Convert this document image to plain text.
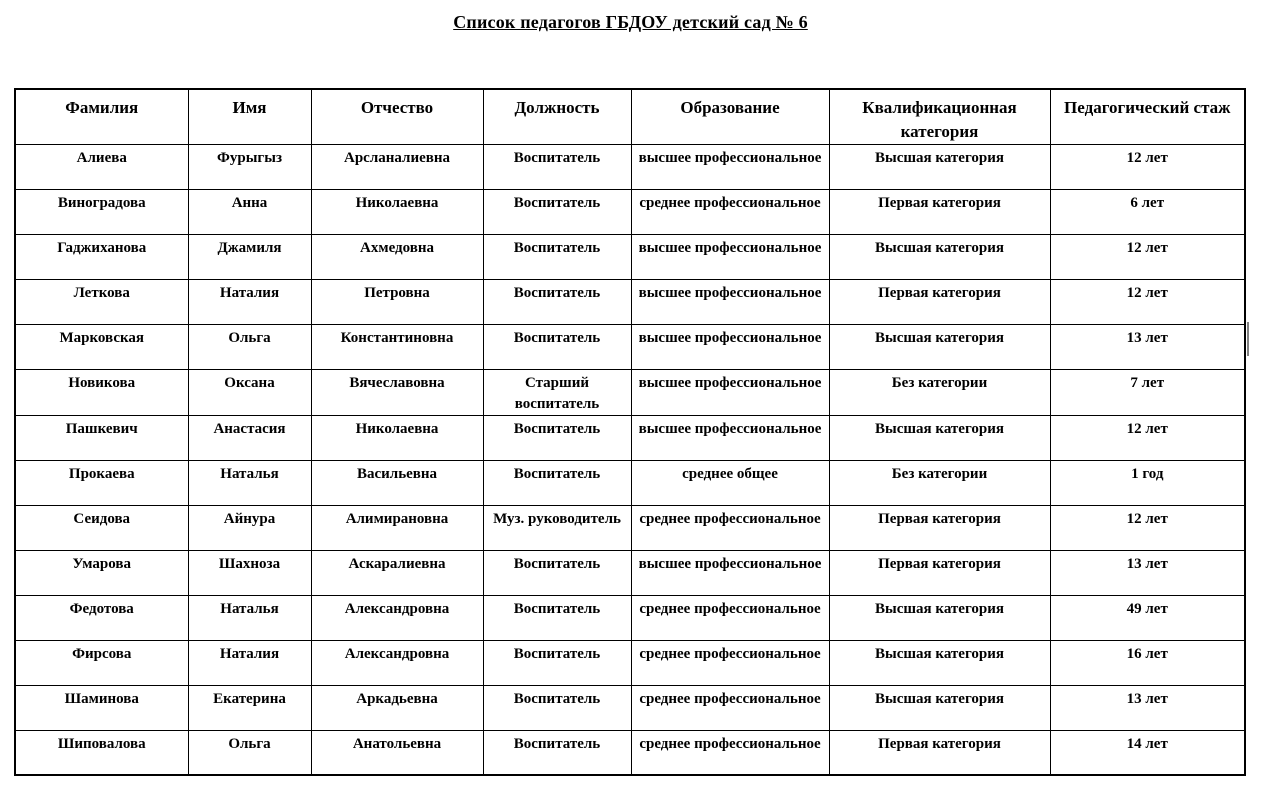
Список педагогов ГБДОУ детский сад № 6
Фамилия	Имя	Отчество	Должность	Образование	Квалификационная категория	Педагогический стаж
Алиева	Фурыгыз	Арсланалиевна	Воспитатель	высшее профессиональное	Высшая категория	12 лет
Виноградова	Анна	Николаевна	Воспитатель	среднее профессиональное	Первая категория	6 лет
Гаджиханова	Джамиля	Ахмедовна	Воспитатель	высшее профессиональное	Высшая категория	12 лет
Леткова	Наталия	Петровна	Воспитатель	высшее профессиональное	Первая категория	12 лет
Марковская	Ольга	Константиновна	Воспитатель	высшее профессиональное	Высшая категория	13 лет
Новикова	Оксана	Вячеславовна	Старший воспитатель	высшее профессиональное	Без категории	7 лет
Пашкевич	Анастасия	Николаевна	Воспитатель	высшее профессиональное	Высшая категория	12 лет
Прокаева	Наталья	Васильевна	Воспитатель	среднее общее	Без категории	1 год
Сеидова	Айнура	Алимирановна	Муз. руководитель	среднее профессиональное	Первая категория	12 лет
Умарова	Шахноза	Аскаралиевна	Воспитатель	высшее профессиональное	Первая категория	13 лет
Федотова	Наталья	Александровна	Воспитатель	среднее профессиональное	Высшая категория	49 лет
Фирсова	Наталия	Александровна	Воспитатель	среднее профессиональное	Высшая категория	16 лет
Шаминова	Екатерина	Аркадьевна	Воспитатель	среднее профессиональное	Высшая категория	13 лет
Шиповалова	Ольга	Анатольевна	Воспитатель	среднее профессиональное	Первая категория	14 лет
